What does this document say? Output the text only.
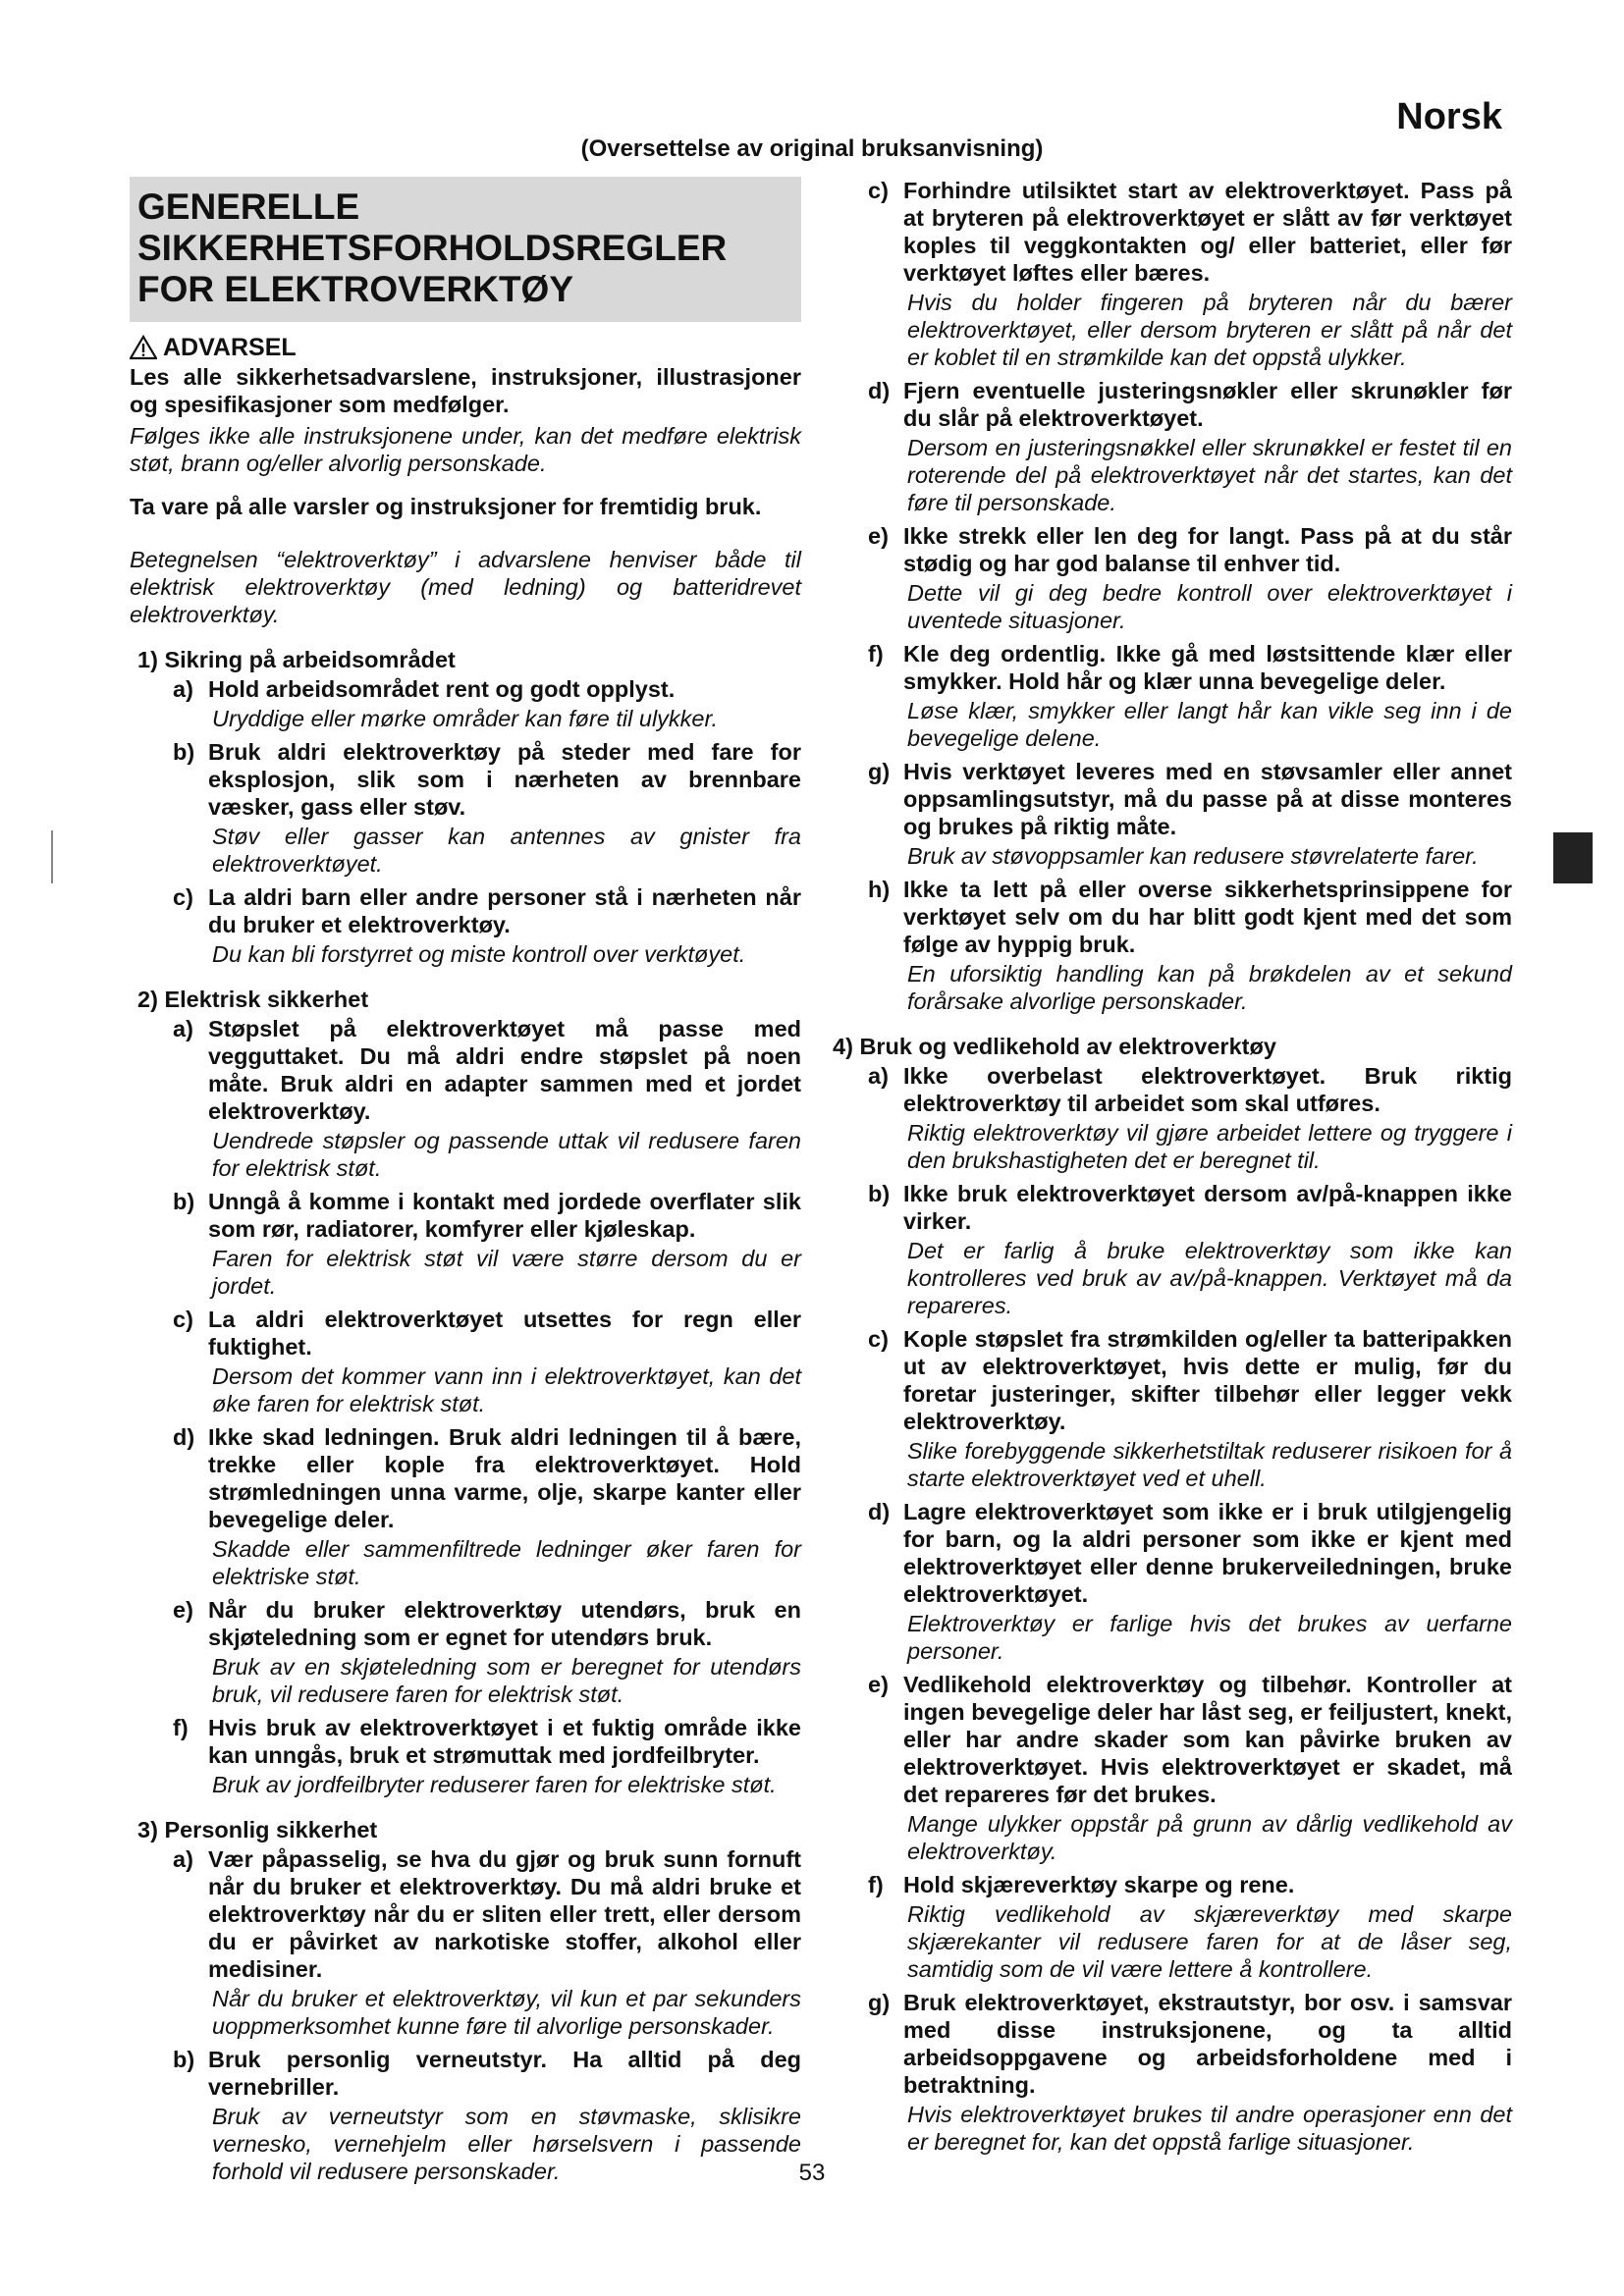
Norsk
(Oversettelse av original bruksanvisning)
GENERELLE SIKKERHETSFORHOLDSREGLER FOR ELEKTROVERKTØY
ADVARSEL
Les alle sikkerhetsadvarslene, instruksjoner, illustrasjoner og spesifikasjoner som medfølger.
Følges ikke alle instruksjonene under, kan det medføre elektrisk støt, brann og/eller alvorlig personskade.
Ta vare på alle varsler og instruksjoner for fremtidig bruk.
Betegnelsen “elektroverktøy” i advarslene henviser både til elektrisk elektroverktøy (med ledning) og batteridrevet elektroverktøy.
1) Sikring på arbeidsområdet
a) Hold arbeidsområdet rent og godt opplyst.
Uryddige eller mørke områder kan føre til ulykker.
b) Bruk aldri elektroverktøy på steder med fare for eksplosjon, slik som i nærheten av brennbare væsker, gass eller støv.
Støv eller gasser kan antennes av gnister fra elektroverktøyet.
c) La aldri barn eller andre personer stå i nærheten når du bruker et elektroverktøy.
Du kan bli forstyrret og miste kontroll over verktøyet.
2) Elektrisk sikkerhet
a) Støpslet på elektroverktøyet må passe med vegguttaket. Du må aldri endre støpslet på noen måte. Bruk aldri en adapter sammen med et jordet elektroverktøy.
Uendrede støpsler og passende uttak vil redusere faren for elektrisk støt.
b) Unngå å komme i kontakt med jordede overflater slik som rør, radiatorer, komfyrer eller kjøleskap.
Faren for elektrisk støt vil være større dersom du er jordet.
c) La aldri elektroverktøyet utsettes for regn eller fuktighet.
Dersom det kommer vann inn i elektroverktøyet, kan det øke faren for elektrisk støt.
d) Ikke skad ledningen. Bruk aldri ledningen til å bære, trekke eller kople fra elektroverktøyet. Hold strømledningen unna varme, olje, skarpe kanter eller bevegelige deler.
Skadde eller sammenfiltrede ledninger øker faren for elektriske støt.
e) Når du bruker elektroverktøy utendørs, bruk en skjøteledning som er egnet for utendørs bruk.
Bruk av en skjøteledning som er beregnet for utendørs bruk, vil redusere faren for elektrisk støt.
f) Hvis bruk av elektroverktøyet i et fuktig område ikke kan unngås, bruk et strømuttak med jordfeilbryter.
Bruk av jordfeilbryter reduserer faren for elektriske støt.
3) Personlig sikkerhet
a) Vær påpasselig, se hva du gjør og bruk sunn fornuft når du bruker et elektroverktøy. Du må aldri bruke et elektroverktøy når du er sliten eller trett, eller dersom du er påvirket av narkotiske stoffer, alkohol eller medisiner.
Når du bruker et elektroverktøy, vil kun et par sekunders uoppmerksomhet kunne føre til alvorlige personskader.
b) Bruk personlig verneutstyr. Ha alltid på deg vernebriller.
Bruk av verneutstyr som en støvmaske, sklisikre vernesko, vernehjelm eller hørselsvern i passende forhold vil redusere personskader.
c) Forhindre utilsiktet start av elektroverktøyet. Pass på at bryteren på elektroverktøyet er slått av før verktøyet koples til veggkontakten og/ eller batteriet, eller før verktøyet løftes eller bæres.
Hvis du holder fingeren på bryteren når du bærer elektroverktøyet, eller dersom bryteren er slått på når det er koblet til en strømkilde kan det oppstå ulykker.
d) Fjern eventuelle justeringsnøkler eller skrunøkler før du slår på elektroverktøyet.
Dersom en justeringsnøkkel eller skrunøkkel er festet til en roterende del på elektroverktøyet når det startes, kan det føre til personskade.
e) Ikke strekk eller len deg for langt. Pass på at du står stødig og har god balanse til enhver tid.
Dette vil gi deg bedre kontroll over elektroverktøyet i uventede situasjoner.
f) Kle deg ordentlig. Ikke gå med løstsittende klær eller smykker. Hold hår og klær unna bevegelige deler.
Løse klær, smykker eller langt hår kan vikle seg inn i de bevegelige delene.
g) Hvis verktøyet leveres med en støvsamler eller annet oppsamlingsutstyr, må du passe på at disse monteres og brukes på riktig måte.
Bruk av støvoppsamler kan redusere støvrelaterte farer.
h) Ikke ta lett på eller overse sikkerhetsprinsippene for verktøyet selv om du har blitt godt kjent med det som følge av hyppig bruk.
En uforsiktig handling kan på brøkdelen av et sekund forårsake alvorlige personskader.
4) Bruk og vedlikehold av elektroverktøy
a) Ikke overbelast elektroverktøyet. Bruk riktig elektroverktøy til arbeidet som skal utføres.
Riktig elektroverktøy vil gjøre arbeidet lettere og tryggere i den brukshastigheten det er beregnet til.
b) Ikke bruk elektroverktøyet dersom av/på-knappen ikke virker.
Det er farlig å bruke elektroverktøy som ikke kan kontrolleres ved bruk av av/på-knappen. Verktøyet må da repareres.
c) Kople støpslet fra strømkilden og/eller ta batteripakken ut av elektroverktøyet, hvis dette er mulig, før du foretar justeringer, skifter tilbehør eller legger vekk elektroverktøy.
Slike forebyggende sikkerhetstiltak reduserer risikoen for å starte elektroverktøyet ved et uhell.
d) Lagre elektroverktøyet som ikke er i bruk utilgjengelig for barn, og la aldri personer som ikke er kjent med elektroverktøyet eller denne brukerveiledningen, bruke elektroverktøyet.
Elektroverktøy er farlige hvis det brukes av uerfarne personer.
e) Vedlikehold elektroverktøy og tilbehør. Kontroller at ingen bevegelige deler har låst seg, er feiljustert, knekt, eller har andre skader som kan påvirke bruken av elektroverktøyet. Hvis elektroverktøyet er skadet, må det repareres før det brukes.
Mange ulykker oppstår på grunn av dårlig vedlikehold av elektroverktøy.
f) Hold skjæreverktøy skarpe og rene.
Riktig vedlikehold av skjæreverktøy med skarpe skjærekanter vil redusere faren for at de låser seg, samtidig som de vil være lettere å kontrollere.
g) Bruk elektroverktøyet, ekstrautstyr, bor osv. i samsvar med disse instruksjonene, og ta alltid arbeidsoppgavene og arbeidsforholdene med i betraktning.
Hvis elektroverktøyet brukes til andre operasjoner enn det er beregnet for, kan det oppstå farlige situasjoner.
53
